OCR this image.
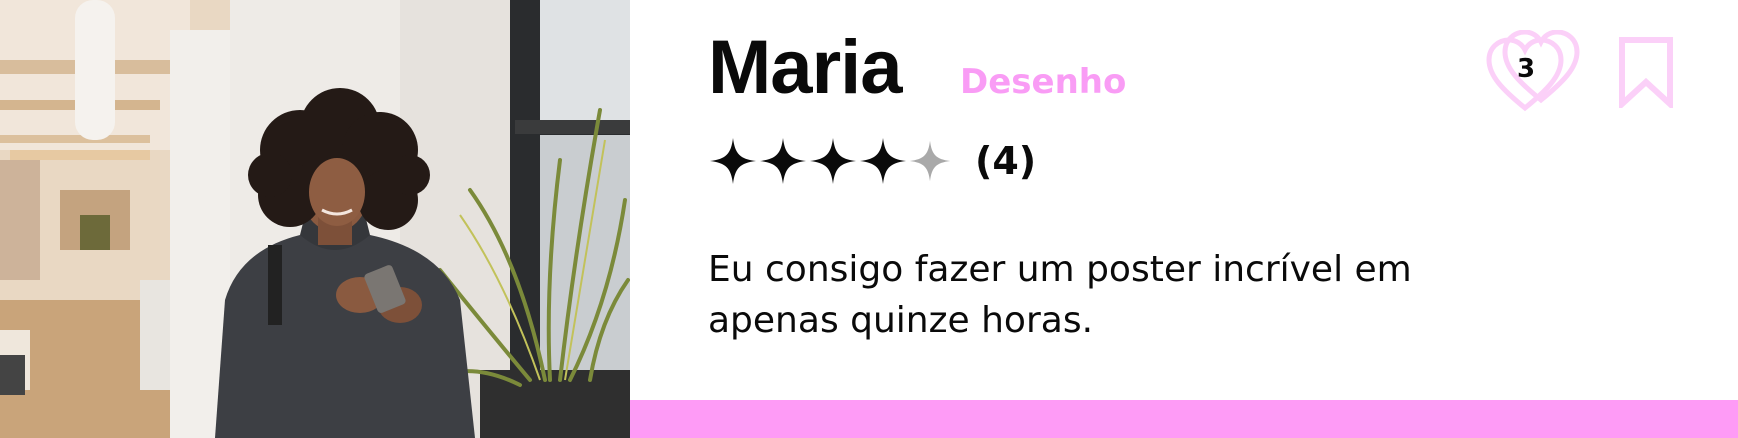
Maria Desenho
(4)

Eu consigo fazer um poster incrível em apenas quinze horas.

3
